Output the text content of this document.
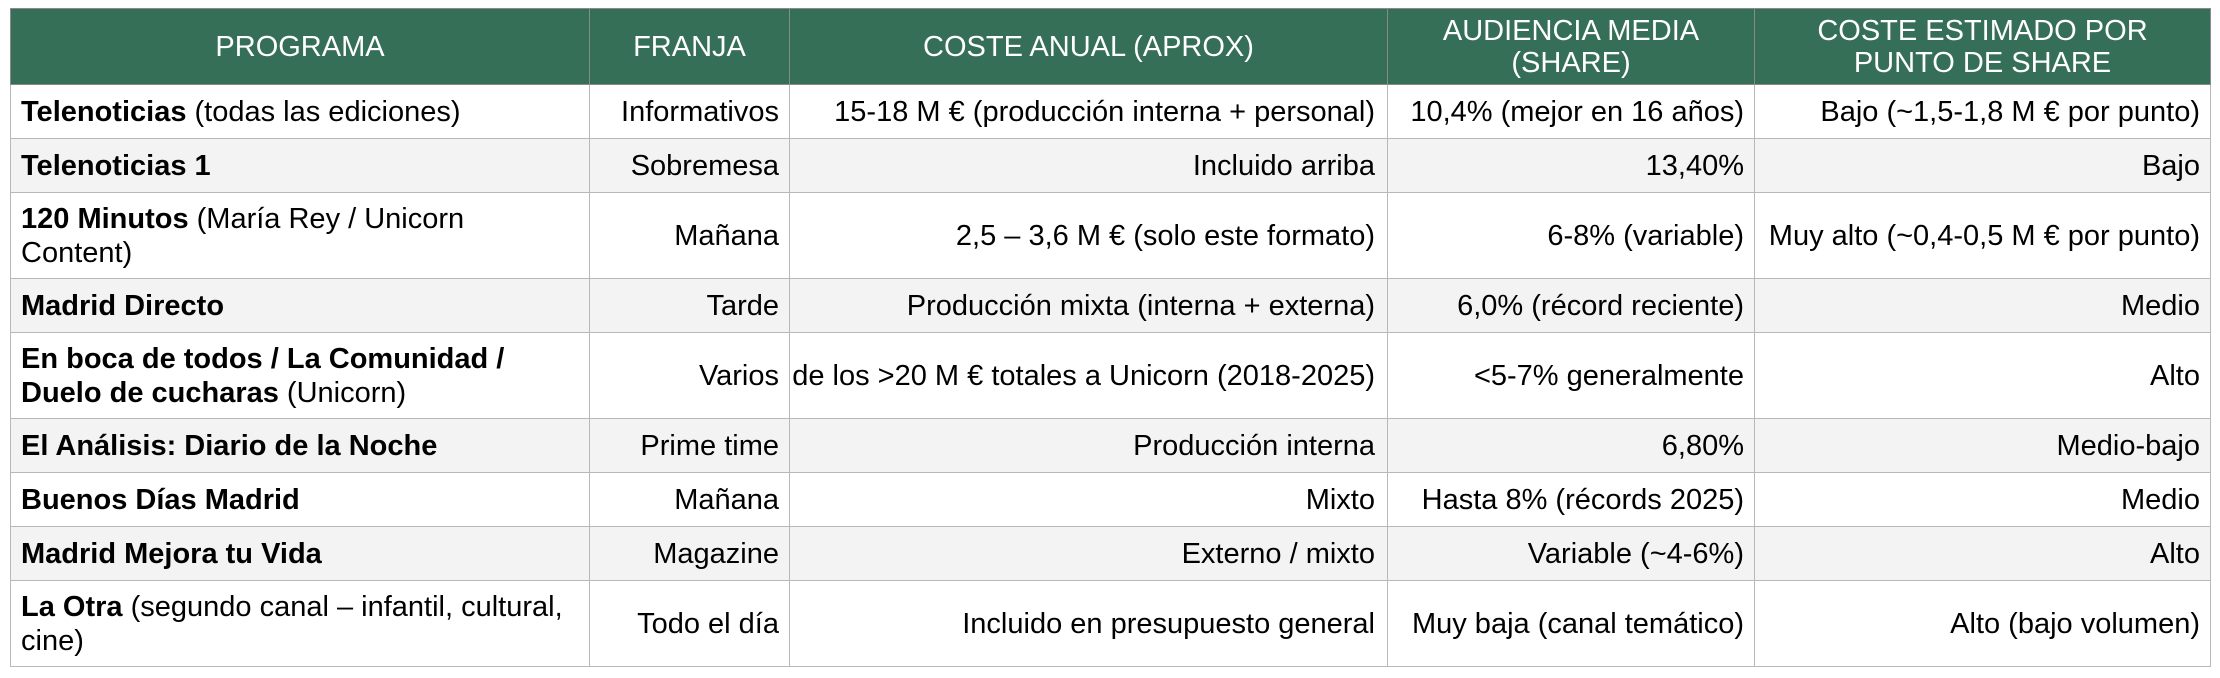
PROGRAMA	FRANJA	COSTE ANUAL (APROX)	AUDIENCIA MEDIA (SHARE)	COSTE ESTIMADO POR PUNTO DE SHARE
Telenoticias (todas las ediciones)	Informativos	15-18 M € (producción interna + personal)	10,4% (mejor en 16 años)	Bajo (~1,5-1,8 M € por punto)
Telenoticias 1	Sobremesa	Incluido arriba	13,40%	Bajo
120 Minutos (María Rey / Unicorn Content)	Mañana	2,5 – 3,6 M € (solo este formato)	6-8% (variable)	Muy alto (~0,4-0,5 M € por punto)
Madrid Directo	Tarde	Producción mixta (interna + externa)	6,0% (récord reciente)	Medio
En boca de todos / La Comunidad / Duelo de cucharas (Unicorn)	Varios	de los >20 M € totales a Unicorn (2018-2025)	<5-7% generalmente	Alto
El Análisis: Diario de la Noche	Prime time	Producción interna	6,80%	Medio-bajo
Buenos Días Madrid	Mañana	Mixto	Hasta 8% (récords 2025)	Medio
Madrid Mejora tu Vida	Magazine	Externo / mixto	Variable (~4-6%)	Alto
La Otra (segundo canal – infantil, cultural, cine)	Todo el día	Incluido en presupuesto general	Muy baja (canal temático)	Alto (bajo volumen)
